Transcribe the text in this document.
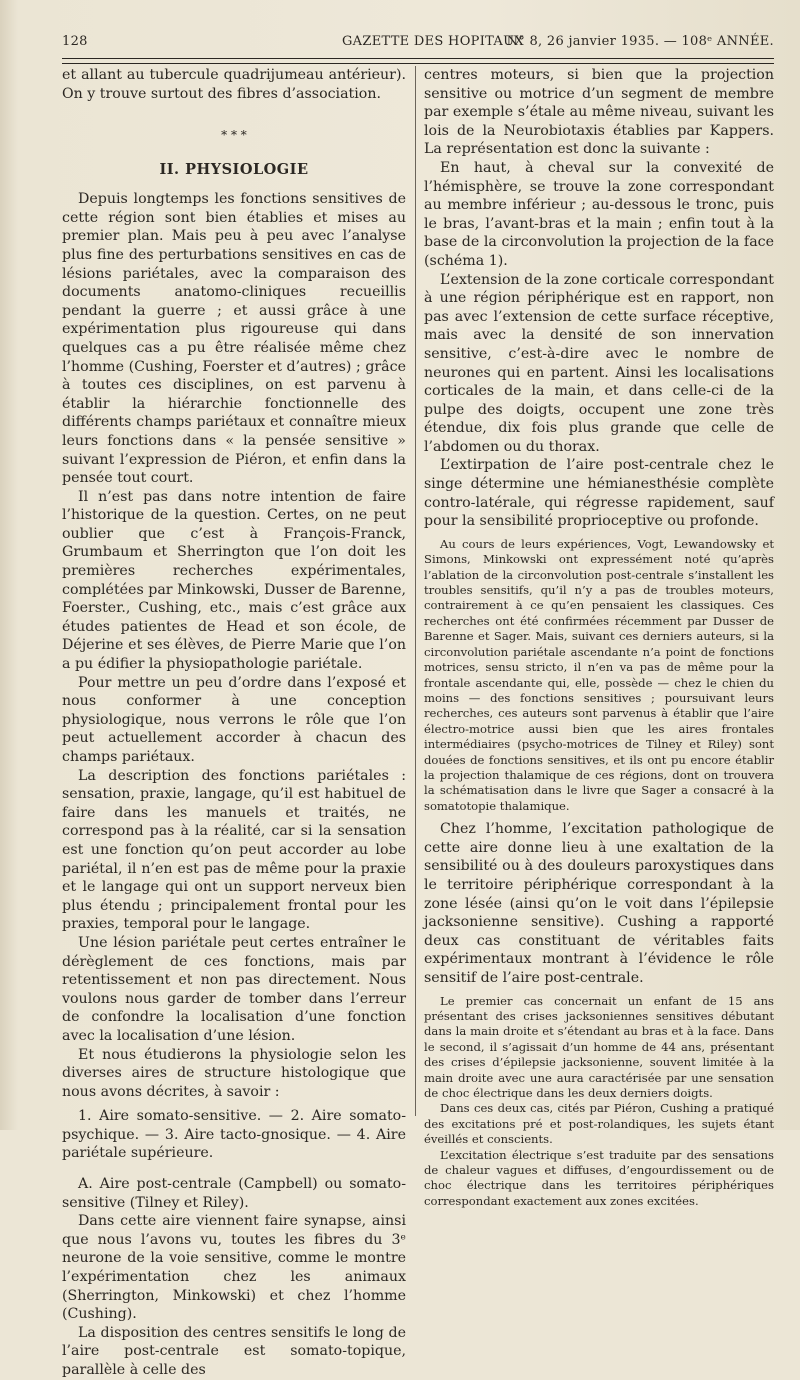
128	GAZETTE DES HOPITAUX
N° 8, 26 janvier 1935. — 108ᵉ ANNÉE.

et allant au tubercule quadrijumeau antérieur). On y trouve surtout des fibres d’association.

* * *
II. PHYSIOLOGIE

Depuis longtemps les fonctions sensitives de cette région sont bien établies et mises au premier plan. Mais peu à peu avec l’analyse plus fine des perturbations sensitives en cas de lésions pariétales, avec la comparaison des documents anatomo-cliniques recueillis pendant la guerre ; et aussi grâce à une expérimentation plus rigoureuse qui dans quelques cas a pu être réalisée même chez l’homme (Cushing, Foerster et d’autres) ; grâce à toutes ces disciplines, on est parvenu à établir la hiérarchie fonctionnelle des différents champs pariétaux et connaître mieux leurs fonctions dans « la pensée sensitive » suivant l’expression de Piéron, et enfin dans la pensée tout court.

Il n’est pas dans notre intention de faire l’historique de la question. Certes, on ne peut oublier que c’est à François-Franck, Grumbaum et Sherrington que l’on doit les premières recherches expérimentales, complétées par Minkowski, Dusser de Barenne, Foerster., Cushing, etc., mais c’est grâce aux études patientes de Head et son école, de Déjerine et ses élèves, de Pierre Marie que l’on a pu édifier la physiopathologie pariétale.

Pour mettre un peu d’ordre dans l’exposé et nous conformer à une conception physiologique, nous verrons le rôle que l’on peut actuellement accorder à chacun des champs pariétaux.

La description des fonctions pariétales : sensation, praxie, langage, qu’il est habituel de faire dans les manuels et traités, ne correspond pas à la réalité, car si la sensation est une fonction qu’on peut accorder au lobe pariétal, il n’en est pas de même pour la praxie et le langage qui ont un support nerveux bien plus étendu ; principalement frontal pour les praxies, temporal pour le langage.

Une lésion pariétale peut certes entraîner le dérèglement de ces fonctions, mais par retentissement et non pas directement. Nous voulons nous garder de tomber dans l’erreur de confondre la localisation d’une fonction avec la localisation d’une lésion.

Et nous étudierons la physiologie selon les diverses aires de structure histologique que nous avons décrites, à savoir :

1. Aire somato-sensitive. — 2. Aire somato-psychique. — 3. Aire tacto-gnosique. — 4. Aire pariétale supérieure.

A. Aire post-centrale (Campbell) ou somato-sensitive (Tilney et Riley).

Dans cette aire viennent faire synapse, ainsi que nous l’avons vu, toutes les fibres du 3ᵉ neurone de la voie sensitive, comme le montre l’expérimentation chez les animaux (Sherrington, Minkowski) et chez l’homme (Cushing).

La disposition des centres sensitifs le long de l’aire post-centrale est somato-topique, parallèle à celle des

centres moteurs, si bien que la projection sensitive ou motrice d’un segment de membre par exemple s’étale au même niveau, suivant les lois de la Neurobiotaxis établies par Kappers. La représentation est donc la suivante :

En haut, à cheval sur la convexité de l’hémisphère, se trouve la zone correspondant au membre inférieur ; au-dessous le tronc, puis le bras, l’avant-bras et la main ; enfin tout à la base de la circonvolution la projection de la face (schéma 1).

L’extension de la zone corticale correspondant à une région périphérique est en rapport, non pas avec l’extension de cette surface réceptive, mais avec la densité de son innervation sensitive, c’est-à-dire avec le nombre de neurones qui en partent. Ainsi les localisations corticales de la main, et dans celle-ci de la pulpe des doigts, occupent une zone très étendue, dix fois plus grande que celle de l’abdomen ou du thorax.

L’extirpation de l’aire post-centrale chez le singe détermine une hémianesthésie complète contro-latérale, qui régresse rapidement, sauf pour la sensibilité proprioceptive ou profonde.

Au cours de leurs expériences, Vogt, Lewandowsky et Simons, Minkowski ont expressément noté qu’après l’ablation de la circonvolution post-centrale s’installent les troubles sensitifs, qu’il n’y a pas de troubles moteurs, contrairement à ce qu’en pensaient les classiques. Ces recherches ont été confirmées récemment par Dusser de Barenne et Sager. Mais, suivant ces derniers auteurs, si la circonvolution pariétale ascendante n’a point de fonctions motrices, sensu stricto, il n’en va pas de même pour la frontale ascendante qui, elle, possède — chez le chien du moins — des fonctions sensitives ; poursuivant leurs recherches, ces auteurs sont parvenus à établir que l’aire électro-motrice aussi bien que les aires frontales intermédiaires (psycho-motrices de Tilney et Riley) sont douées de fonctions sensitives, et ils ont pu encore établir la projection thalamique de ces régions, dont on trouvera la schématisation dans le livre que Sager a consacré à la somatotopie thalamique.

Chez l’homme, l’excitation pathologique de cette aire donne lieu à une exaltation de la sensibilité ou à des douleurs paroxystiques dans le territoire périphérique correspondant à la zone lésée (ainsi qu’on le voit dans l’épilepsie jacksonienne sensitive). Cushing a rapporté deux cas constituant de véritables faits expérimentaux montrant à l’évidence le rôle sensitif de l’aire post-centrale.

Le premier cas concernait un enfant de 15 ans présentant des crises jacksoniennes sensitives débutant dans la main droite et s’étendant au bras et à la face. Dans le second, il s’agissait d’un homme de 44 ans, présentant des crises d’épilepsie jacksonienne, souvent limitée à la main droite avec une aura caractérisée par une sensation de choc électrique dans les deux derniers doigts.

Dans ces deux cas, cités par Piéron, Cushing a pratiqué des excitations pré et post-rolandiques, les sujets étant éveillés et conscients.

L’excitation électrique s’est traduite par des sensations de chaleur vagues et diffuses, d’engourdissement ou de choc électrique dans les territoires périphériques correspondant exactement aux zones excitées.
